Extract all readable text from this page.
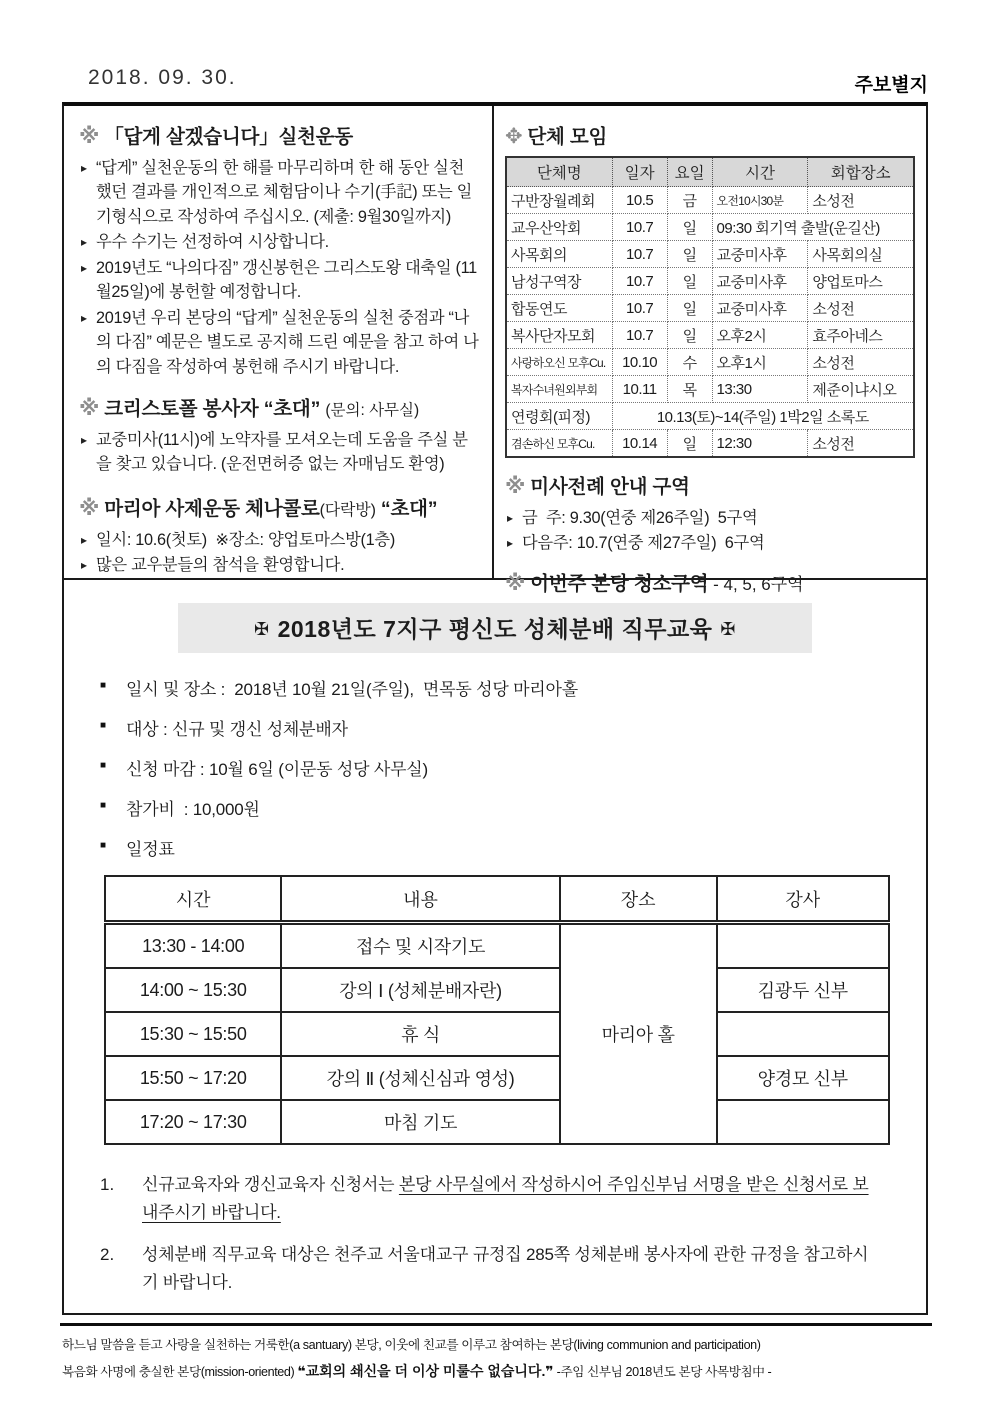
2018. 09. 30.	주보별지
※ 「답게 살겠습니다」실천운동
▸ “답게” 실천운동의 한 해를 마무리하며 한 해 동안 실천 했던 결과를 개인적으로 체험담이나 수기(手記) 또는 일기형식으로 작성하여 주십시오. (제출: 9월30일까지)
▸ 우수 수기는 선정하여 시상합니다.
▸ 2019년도 “나의다짐” 갱신봉헌은 그리스도왕 대축일 (11월25일)에 봉헌할 예정합니다.
▸ 2019년 우리 본당의 “답게” 실천운동의 실천 중점과 “나의 다짐” 예문은 별도로 공지해 드린 예문을 참고 하여 나의 다짐을 작성하여 봉헌해 주시기 바랍니다.
※ 크리스토폴 봉사자 “초대” (문의: 사무실)
▸ 교중미사(11시)에 노약자를 모셔오는데 도움을 주실 분을 찾고 있습니다. (운전면허증 없는 자매님도 환영)
※ 마리아 사제운동 체나콜로(다락방) “초대”
▸ 일시: 10.6(첫토)  ※장소: 양업토마스방(1층)
▸ 많은 교우분들의 참석을 환영합니다.
✥ 단체 모임
단체명	일자	요일	시간	회합장소
구반장월례회	10.5	금	오전10시30분	소성전
교우산악회	10.7	일	09:30 회기역 출발(운길산)	
사목회의	10.7	일	교중미사후	사목회의실
남성구역장	10.7	일	교중미사후	양업토마스
합동연도	10.7	일	교중미사후	소성전
복사단자모회	10.7	일	오후2시	효주아네스
사랑하오신 모후Cu.	10.10	수	오후1시	소성전
복자수녀원외부회	10.11	목	13:30	제준이냐시오
연령회(피정)	10.13(토)~14(주일) 1박2일 소록도			
겸손하신 모후Cu.	10.14	일	12:30	소성전
※ 미사전례 안내 구역
▸ 금  주: 9.30(연중 제26주일)  5구역
▸ 다음주: 10.7(연중 제27주일)  6구역
※ 이번주 본당 청소구역 - 4, 5, 6구역
✠ 2018년도 7지구 평신도 성체분배 직무교육 ✠
■	일시 및 장소 :  2018년 10월 21일(주일),  면목동 성당 마리아홀
■	대상 : 신규 및 갱신 성체분배자
■	신청 마감 : 10월 6일 (이문동 성당 사무실)
■	참가비  : 10,000원
■	일정표
시간	내용	장소	강사
13:30 - 14:00	접수 및 시작기도	마리아 홀	
14:00 ~ 15:30	강의 Ⅰ (성체분배자란)		김광두 신부
15:30 ~ 15:50	휴 식		
15:50 ~ 17:20	강의 Ⅱ (성체신심과 영성)		양경모 신부
17:20 ~ 17:30	마침 기도		
1.	신규교육자와 갱신교육자 신청서는 본당 사무실에서 작성하시어 주임신부님 서명을 받은 신청서로 보내주시기 바랍니다.
2.	성체분배 직무교육 대상은 천주교 서울대교구 규정집 285쪽 성체분배 봉사자에 관한 규정을 참고하시기 바랍니다.
하느님 말씀을 듣고 사랑을 실천하는 거룩한(a santuary) 본당, 이웃에 친교를 이루고 참여하는 본당(living communion and participation)
복음화 사명에 충실한 본당(mission-oriented) ❝교회의 쇄신을 더 이상 미룰수 없습니다.❞ -주임 신부님 2018년도 본당 사목방침中 -
